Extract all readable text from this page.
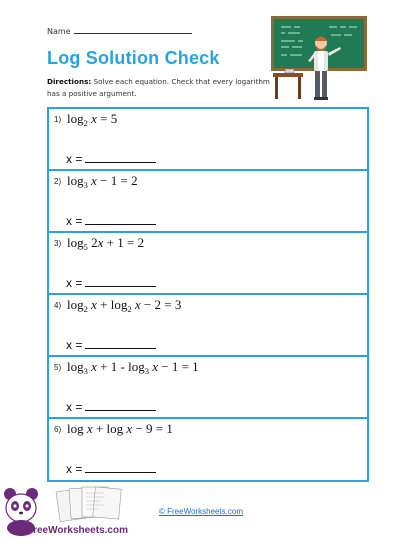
Name
Log Solution Check
Directions: Solve each equation. Check that every logarithm has a positive argument.
1) $\log_2 x = 5$
x =
2) $\log_3 x - 1 = 2$
x =
3) $\log_5 2x + 1 = 2$
x =
4) $\log_2 x + \log_2 x - 2 = 3$
x =
5) $\log_3 x + 1 - \log_3 x - 1 = 1$
x =
6) log x + log x − 9 = 1
x =
FreeWorksheets.com
© FreeWorksheets.com
